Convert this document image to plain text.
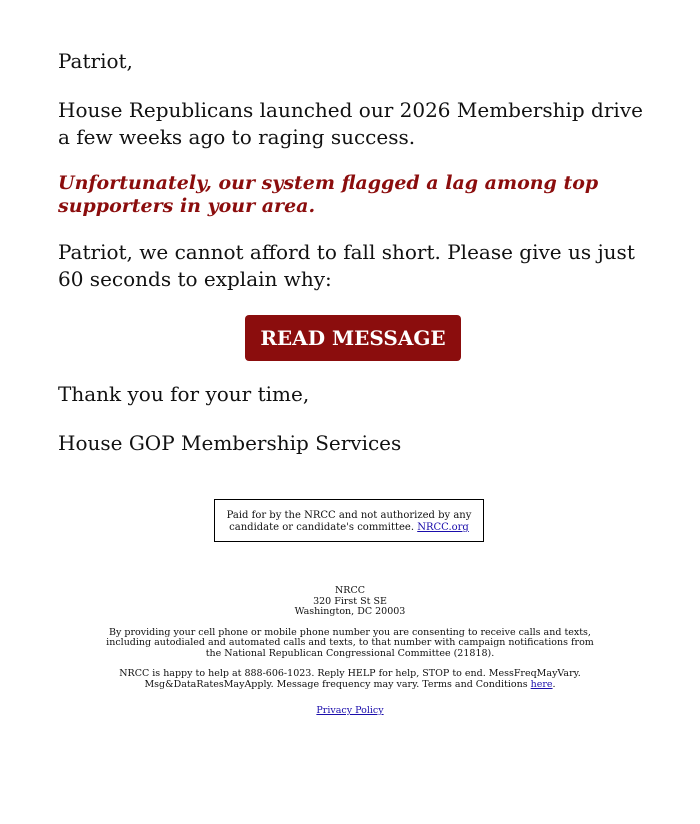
Patriot,

House Republicans launched our 2026 Membership drive a few weeks ago to raging success.

Unfortunately, our system flagged a lag among top supporters in your area.

Patriot, we cannot afford to fall short. Please give us just 60 seconds to explain why:

READ MESSAGE

Thank you for your time,

House GOP Membership Services

Paid for by the NRCC and not authorized by any candidate or candidate's committee. NRCC.org
NRCC
320 First St SE
Washington, DC 20003
By providing your cell phone or mobile phone number you are consenting to receive calls and texts, including autodialed and automated calls and texts, to that number with campaign notifications from the National Republican Congressional Committee (21818).
NRCC is happy to help at 888-606-1023. Reply HELP for help, STOP to end. MessFreqMayVary. Msg&DataRatesMayApply. Message frequency may vary. Terms and Conditions here.
Privacy Policy
